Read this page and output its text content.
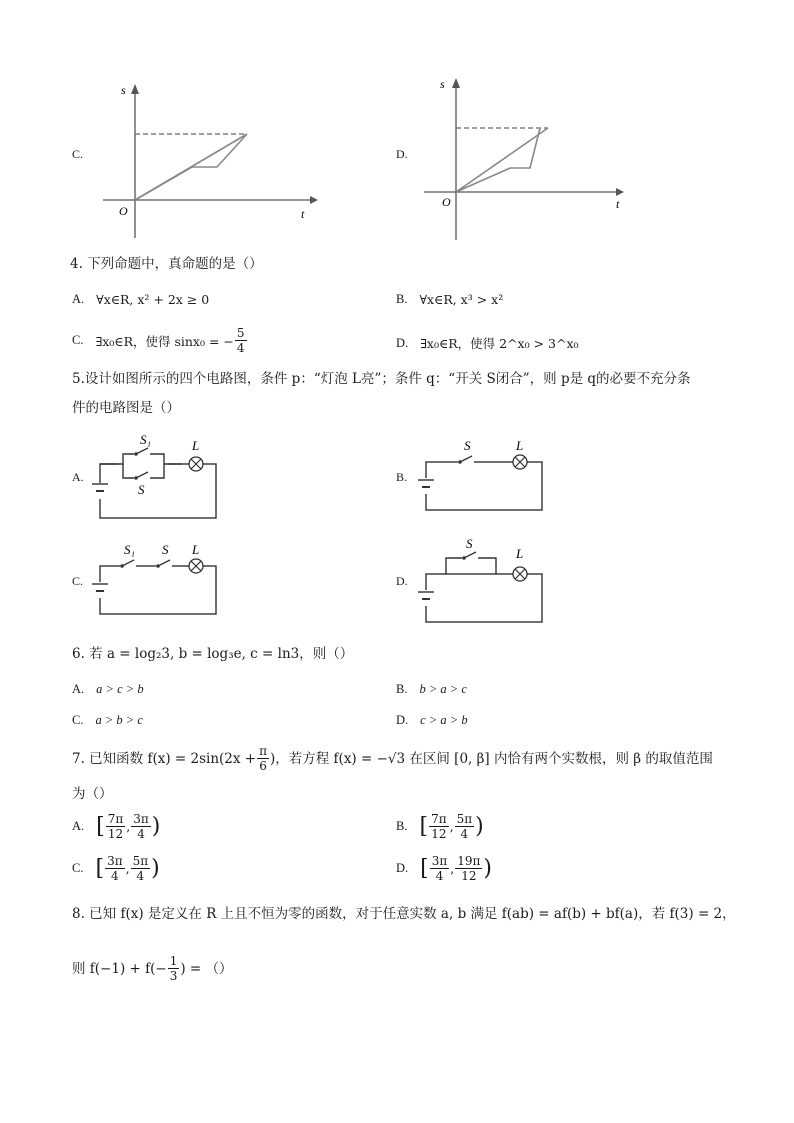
C.
s
t
O
D.
s
t
O
4. 下列命题中，真命题的是（）
A. ∀x∈R, x² + 2x ≥ 0	B. ∀x∈R, x³ > x²
C. ∃x₀∈R，使得 sinx₀ = − $\frac{5}{4}$	D. ∃x₀∈R，使得 2^x₀ > 3^x₀
5.设计如图所示的四个电路图，条件 p：“灯泡 L亮”；条件 q：“开关 S闭合”，则 p是 q的必要不充分条
件的电路图是（）
A.
S₁
S
L
B.
S	L
C.
S₁ S L
D.
S
L
6. 若 a = log₂3, b = log₃e, c = ln3，则（）
A. a > c > b	B. b > a > c
C. a > b > c	D. c > a > b
7. 已知函数 $f(x) = 2\sin(2x + \frac{\pi}{6}$ )，若方程 f(x) = −√3 在区间 [0, β] 内恰有两个实数根，则 β 的取值范围
为（）
A. [ $\frac{7\pi}{12}$ , $\frac{3\pi}{4}$ )	B. [ $\frac{7\pi}{12}$ , $\frac{5\pi}{4}$ )
C. [ $\frac{3\pi}{4}$ , $\frac{5\pi}{4}$ )	D. [ $\frac{3\pi}{4}$ , $\frac{19\pi}{12}$ )
8. 已知 f(x) 是定义在 R 上且不恒为零的函数，对于任意实数 a, b 满足 f(ab) = af(b) + bf(a)，若 f(3) = 2，
则 $f(-1) + f(- \frac{1}{3}$ ) = （）
